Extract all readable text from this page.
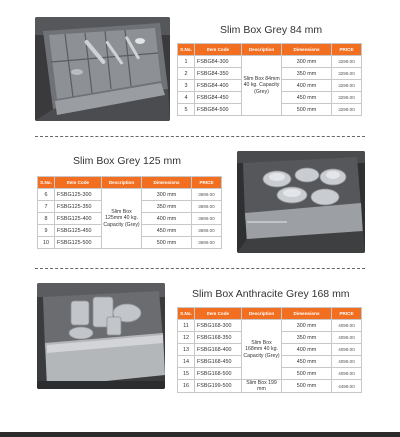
Slim Box Grey 84 mm
S.No.	Item Code	Description	Dimensions	PRICE
1	FSBG84-300	Slim Box 84mm 40 kg. Capacity (Grey)	300 mm	3299.00
2	FSBG84-350		350 mm	3299.00
3	FSBG84-400		400 mm	3299.00
4	FSBG84-450		450 mm	3299.00
5	FSBG84-500		500 mm	3299.00
Slim Box Grey 125 mm
S.No.	Item Code	Description	Dimensions	PRICE
6	FSBG125-300	Slim Box 125mm 40 kg. Capacity (Grey)	300 mm	3699.00
7	FSBG125-350		350 mm	3699.00
8	FSBG125-400		400 mm	3699.00
9	FSBG125-450		450 mm	3699.00
10	FSBG125-500		500 mm	3699.00
Slim Box Anthracite Grey 168 mm
S.No.	Item Code	Description	Dimensions	PRICE
11	FSBG168-300	Slim Box 168mm 40 kg. Capacity (Grey)	300 mm	4099.00
12	FSBG168-350		350 mm	4099.00
13	FSBG168-400		400 mm	4099.00
14	FSBG168-450		450 mm	4099.00
15	FSBG168-500		500 mm	4099.00
16	FSBG199-500	Slim Box 199 mm	500 mm	4499.00
